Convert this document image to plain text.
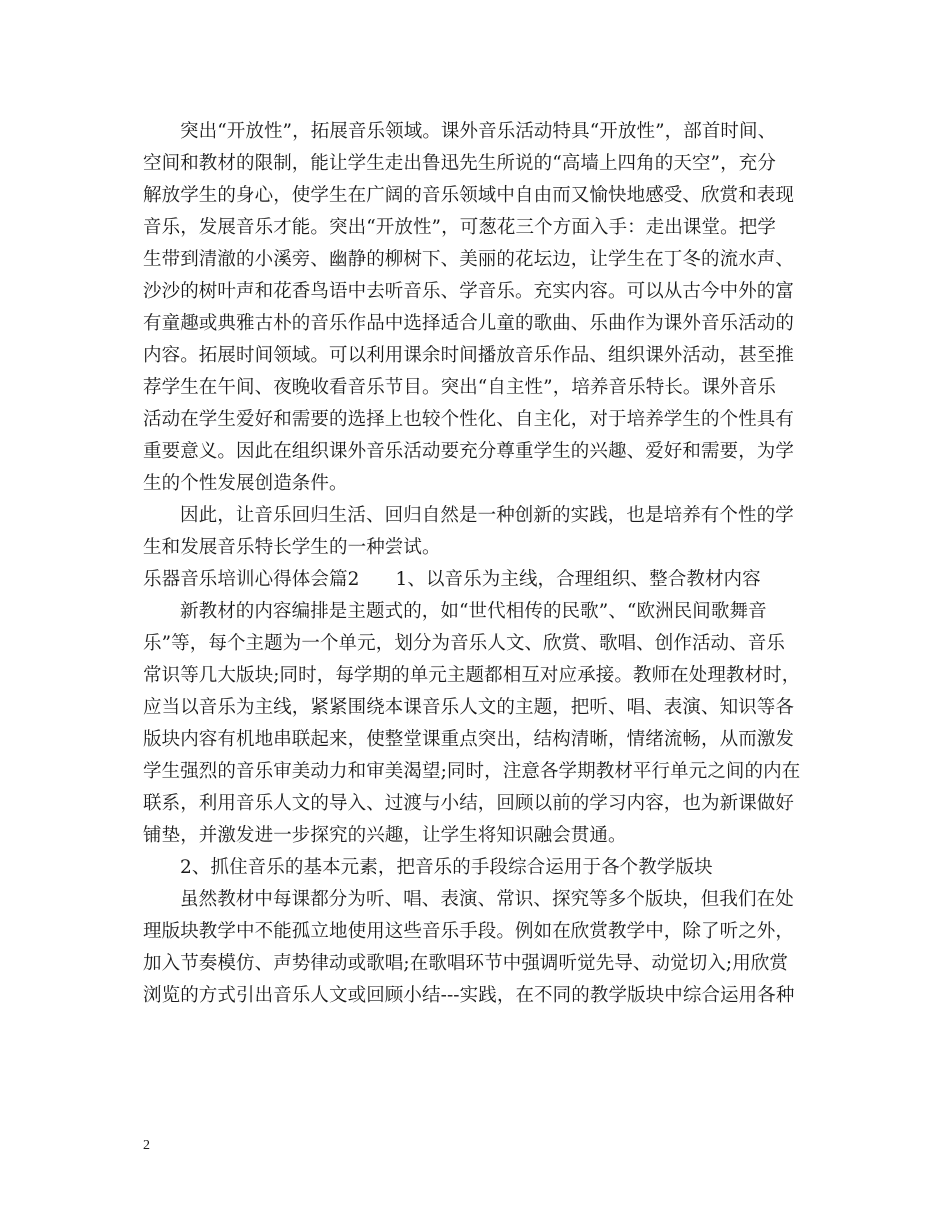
突出“开放性”，拓展音乐领域。课外音乐活动特具“开放性”，部首时间、
空间和教材的限制，能让学生走出鲁迅先生所说的“高墙上四角的天空”，充分
解放学生的身心，使学生在广阔的音乐领域中自由而又愉快地感受、欣赏和表现
音乐，发展音乐才能。突出“开放性”，可葱花三个方面入手：走出课堂。把学
生带到清澈的小溪旁、幽静的柳树下、美丽的花坛边，让学生在丁冬的流水声、
沙沙的树叶声和花香鸟语中去听音乐、学音乐。充实内容。可以从古今中外的富
有童趣或典雅古朴的音乐作品中选择适合儿童的歌曲、乐曲作为课外音乐活动的
内容。拓展时间领域。可以利用课余时间播放音乐作品、组织课外活动，甚至推
荐学生在午间、夜晚收看音乐节目。突出“自主性”，培养音乐特长。课外音乐
活动在学生爱好和需要的选择上也较个性化、自主化，对于培养学生的个性具有
重要意义。因此在组织课外音乐活动要充分尊重学生的兴趣、爱好和需要，为学
生的个性发展创造条件。
因此，让音乐回归生活、回归自然是一种创新的实践，也是培养有个性的学
生和发展音乐特长学生的一种尝试。
乐器音乐培训心得体会篇2 1、以音乐为主线，合理组织、整合教材内容
新教材的内容编排是主题式的，如“世代相传的民歌”、“欧洲民间歌舞音
乐”等，每个主题为一个单元，划分为音乐人文、欣赏、歌唱、创作活动、音乐
常识等几大版块;同时，每学期的单元主题都相互对应承接。教师在处理教材时，
应当以音乐为主线，紧紧围绕本课音乐人文的主题，把听、唱、表演、知识等各
版块内容有机地串联起来，使整堂课重点突出，结构清晰，情绪流畅，从而激发
学生强烈的音乐审美动力和审美渴望;同时，注意各学期教材平行单元之间的内在
联系，利用音乐人文的导入、过渡与小结，回顾以前的学习内容，也为新课做好
铺垫，并激发进一步探究的兴趣，让学生将知识融会贯通。
2、抓住音乐的基本元素，把音乐的手段综合运用于各个教学版块
虽然教材中每课都分为听、唱、表演、常识、探究等多个版块，但我们在处
理版块教学中不能孤立地使用这些音乐手段。例如在欣赏教学中，除了听之外，
加入节奏模仿、声势律动或歌唱;在歌唱环节中强调听觉先导、动觉切入;用欣赏
浏览的方式引出音乐人文或回顾小结---实践，在不同的教学版块中综合运用各种
2
